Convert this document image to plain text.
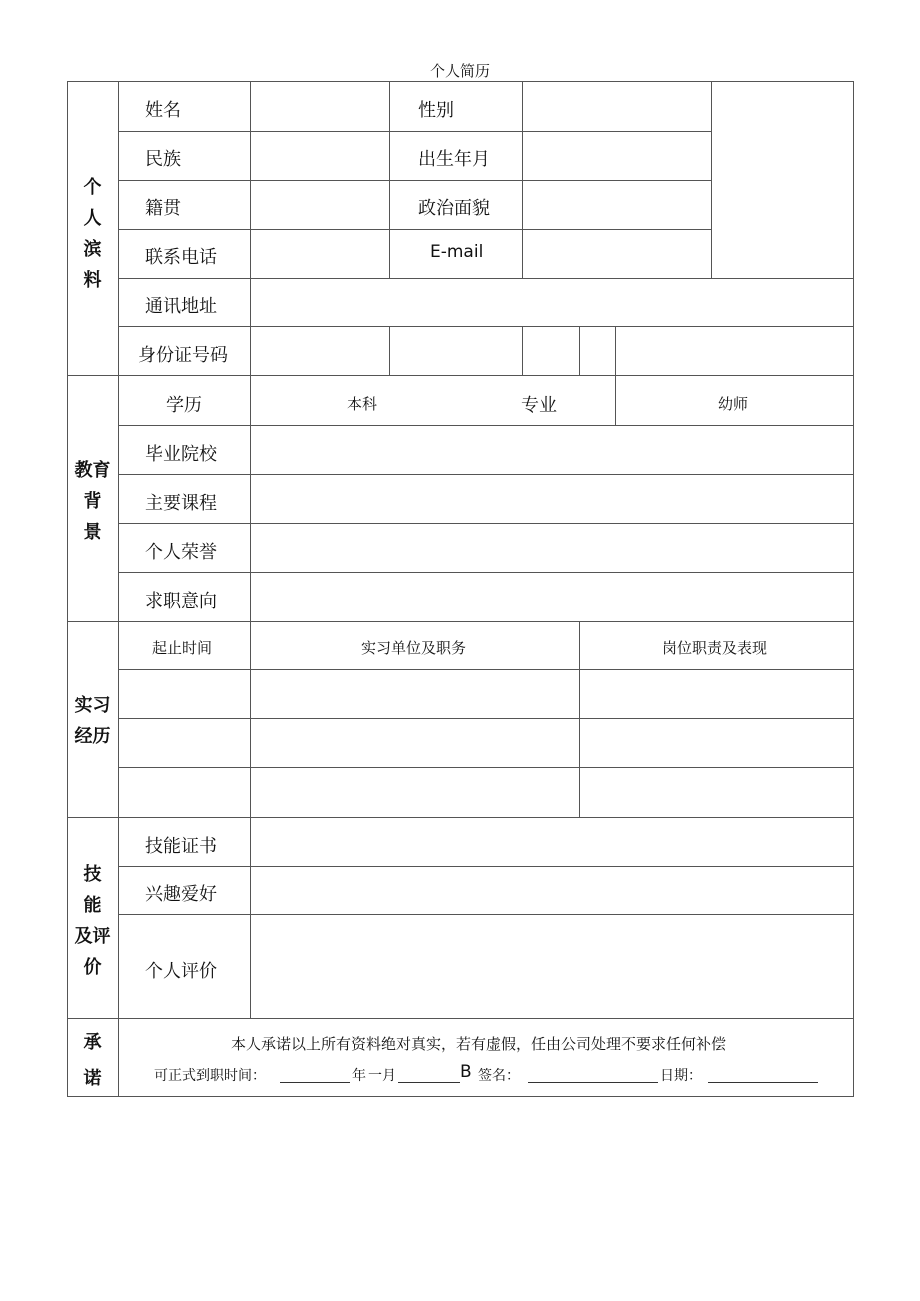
个人简历
个
人
滨
料
姓名	性别
民族	出生年月
籍贯	政治面貌
联系电话	E-mail
通讯地址
身份证号码
教育
背
景
学历	本科	专业	幼师
毕业院校
主要课程
个人荣誉
求职意向
实习
经历
起止时间	实习单位及职务	岗位职责及表现
技
能
及评
价
技能证书
兴趣爱好
个人评价
承
诺
本人承诺以上所有资料绝对真实，若有虚假，任由公司处理不要求任何补偿
可正式到职时间：	年 一月	B 签名：	日期：
